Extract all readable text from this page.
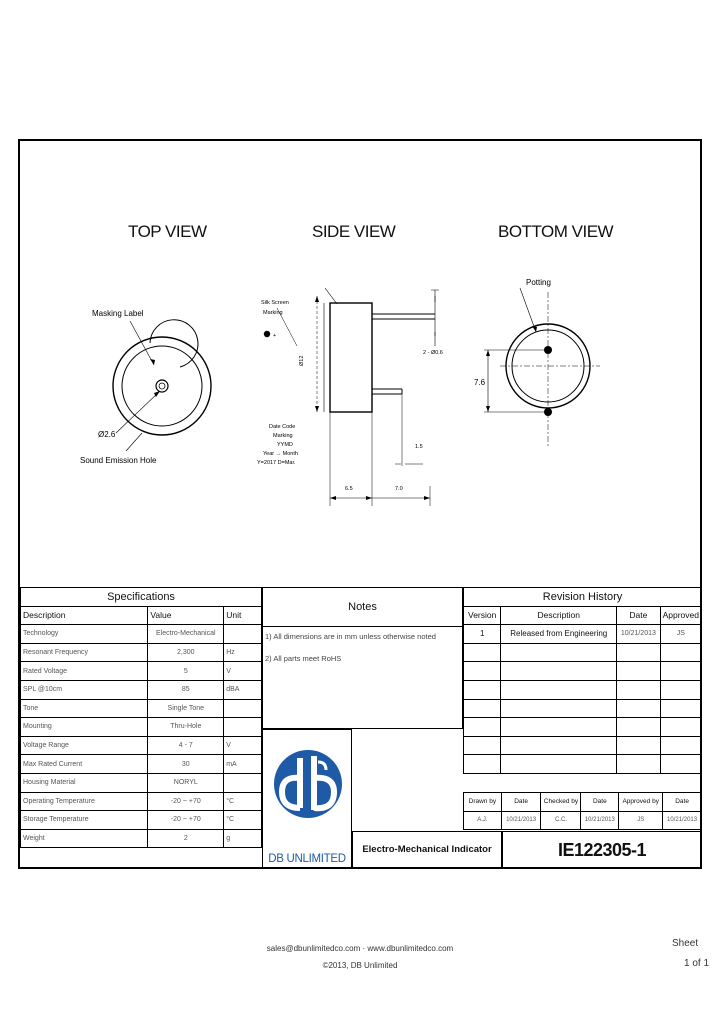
TOP VIEW	SIDE VIEW	BOTTOM VIEW
Masking Label
Ø2.6
Sound Emission Hole
Silk Screen
Marking
+
Ø12
2 - Ø0.6
Date Code
Marking
YYMD
Year → Month
Y=2017 D=Mar.
1.5
6.5	7.0
Potting
7.6
Specifications		
Description	Value	Unit
Technology	Electro-Mechanical	
Resonant Frequency	2,300	Hz
Rated Voltage	5	V
SPL @10cm	85	dBA
Tone	Single Tone	
Mounting	Thru-Hole	
Voltage Range	4 - 7	V
Max Rated Current	30	mA
Housing Material	NORYL	
Operating Temperature	-20 ~ +70	°C
Storage Temperature	-20 ~ +70	°C
Weight	2	g
Notes
1) All dimensions are in mm unless otherwise noted
2) All parts meet RoHS
Revision History			
Version	Description	Date	Approved
1	Released from Engineering	10/21/2013	JS

Drawn by	Date	Checked by	Date	Approved by	Date
A.J.	10/21/2013	C.C.	10/21/2013	JS	10/21/2013
DB UNLIMITED
Electro-Mechanical Indicator	IE122305-1
sales@dbunlimitedco.com · www.dbunlimitedco.com
©2013, DB Unlimited
Sheet
1 of 1
